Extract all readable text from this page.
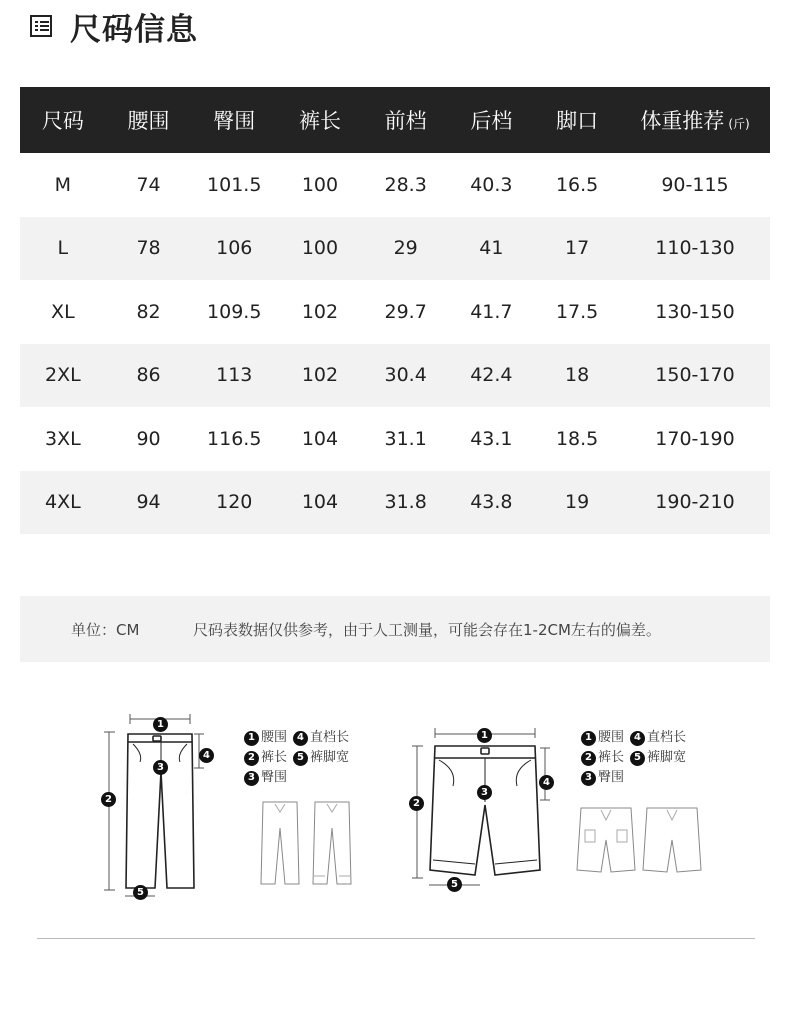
尺码信息
尺码	腰围	臀围	裤长	前档	后档	脚口	体重推荐 (斤)
M	74	101.5	100	28.3	40.3	16.5	90-115
L	78	106	100	29	41	17	110-130
XL	82	109.5	102	29.7	41.7	17.5	130-150
2XL	86	113	102	30.4	42.4	18	150-170
3XL	90	116.5	104	31.1	43.1	18.5	170-190
4XL	94	120	104	31.8	43.8	19	190-210
单位：CM	尺码表数据仅供参考，由于人工测量，可能会存在1-2CM左右的偏差。
1
2
3
4
5
1 腰围	4 直档长
2 裤长	5 裤脚宽
3 臀围
1
2
3
4
5
1 腰围	4 直档长
2 裤长	5 裤脚宽
3 臀围
